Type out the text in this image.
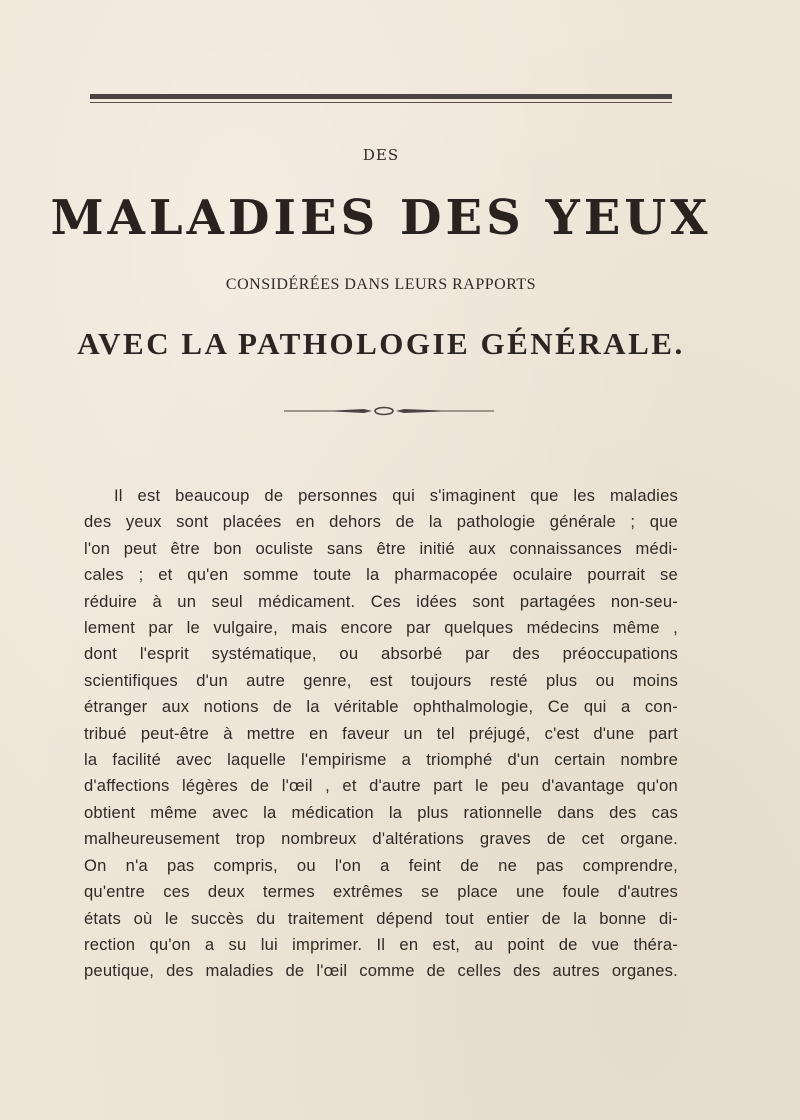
DES
MALADIES DES YEUX
CONSIDÉRÉES DANS LEURS RAPPORTS
AVEC LA PATHOLOGIE GÉNÉRALE.
Il est beaucoup de personnes qui s'imaginent que les maladies
des yeux sont placées en dehors de la pathologie générale ; que
l'on peut être bon oculiste sans être initié aux connaissances médi-
cales ; et qu'en somme toute la pharmacopée oculaire pourrait se
réduire à un seul médicament. Ces idées sont partagées non-seu-
lement par le vulgaire, mais encore par quelques médecins même ,
dont l'esprit systématique, ou absorbé par des préoccupations
scientifiques d'un autre genre, est toujours resté plus ou moins
étranger aux notions de la véritable ophthalmologie, Ce qui a con-
tribué peut-être à mettre en faveur un tel préjugé, c'est d'une part
la facilité avec laquelle l'empirisme a triomphé d'un certain nombre
d'affections légères de l'œil , et d'autre part le peu d'avantage qu'on
obtient même avec la médication la plus rationnelle dans des cas
malheureusement trop nombreux d'altérations graves de cet organe.
On n'a pas compris, ou l'on a feint de ne pas comprendre,
qu'entre ces deux termes extrêmes se place une foule d'autres
états où le succès du traitement dépend tout entier de la bonne di-
rection qu'on a su lui imprimer. Il en est, au point de vue théra-
peutique, des maladies de l'œil comme de celles des autres organes.
